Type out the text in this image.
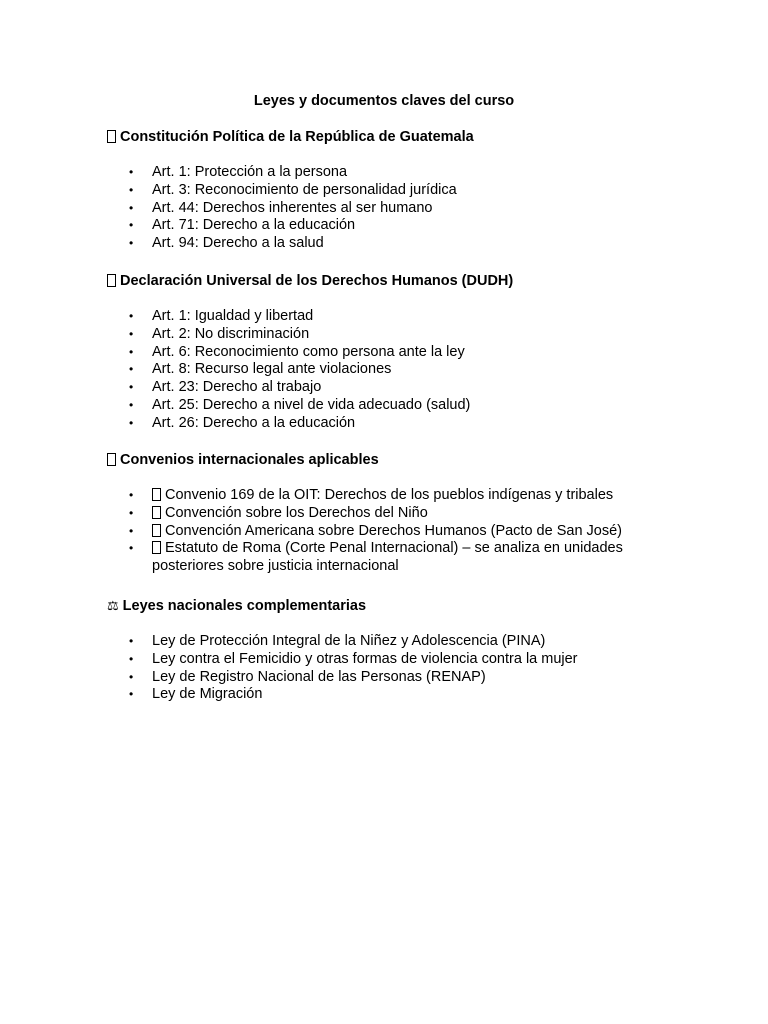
Leyes y documentos claves del curso

Constitución Política de la República de Guatemala

• Art. 1: Protección a la persona
• Art. 3: Reconocimiento de personalidad jurídica
• Art. 44: Derechos inherentes al ser humano
• Art. 71: Derecho a la educación
• Art. 94: Derecho a la salud

Declaración Universal de los Derechos Humanos (DUDH)

• Art. 1: Igualdad y libertad
• Art. 2: No discriminación
• Art. 6: Reconocimiento como persona ante la ley
• Art. 8: Recurso legal ante violaciones
• Art. 23: Derecho al trabajo
• Art. 25: Derecho a nivel de vida adecuado (salud)
• Art. 26: Derecho a la educación

Convenios internacionales aplicables

• Convenio 169 de la OIT: Derechos de los pueblos indígenas y tribales
• Convención sobre los Derechos del Niño
• Convención Americana sobre Derechos Humanos (Pacto de San José)
• Estatuto de Roma (Corte Penal Internacional) – se analiza en unidades posteriores sobre justicia internacional

⚖ Leyes nacionales complementarias

• Ley de Protección Integral de la Niñez y Adolescencia (PINA)
• Ley contra el Femicidio y otras formas de violencia contra la mujer
• Ley de Registro Nacional de las Personas (RENAP)
• Ley de Migración
